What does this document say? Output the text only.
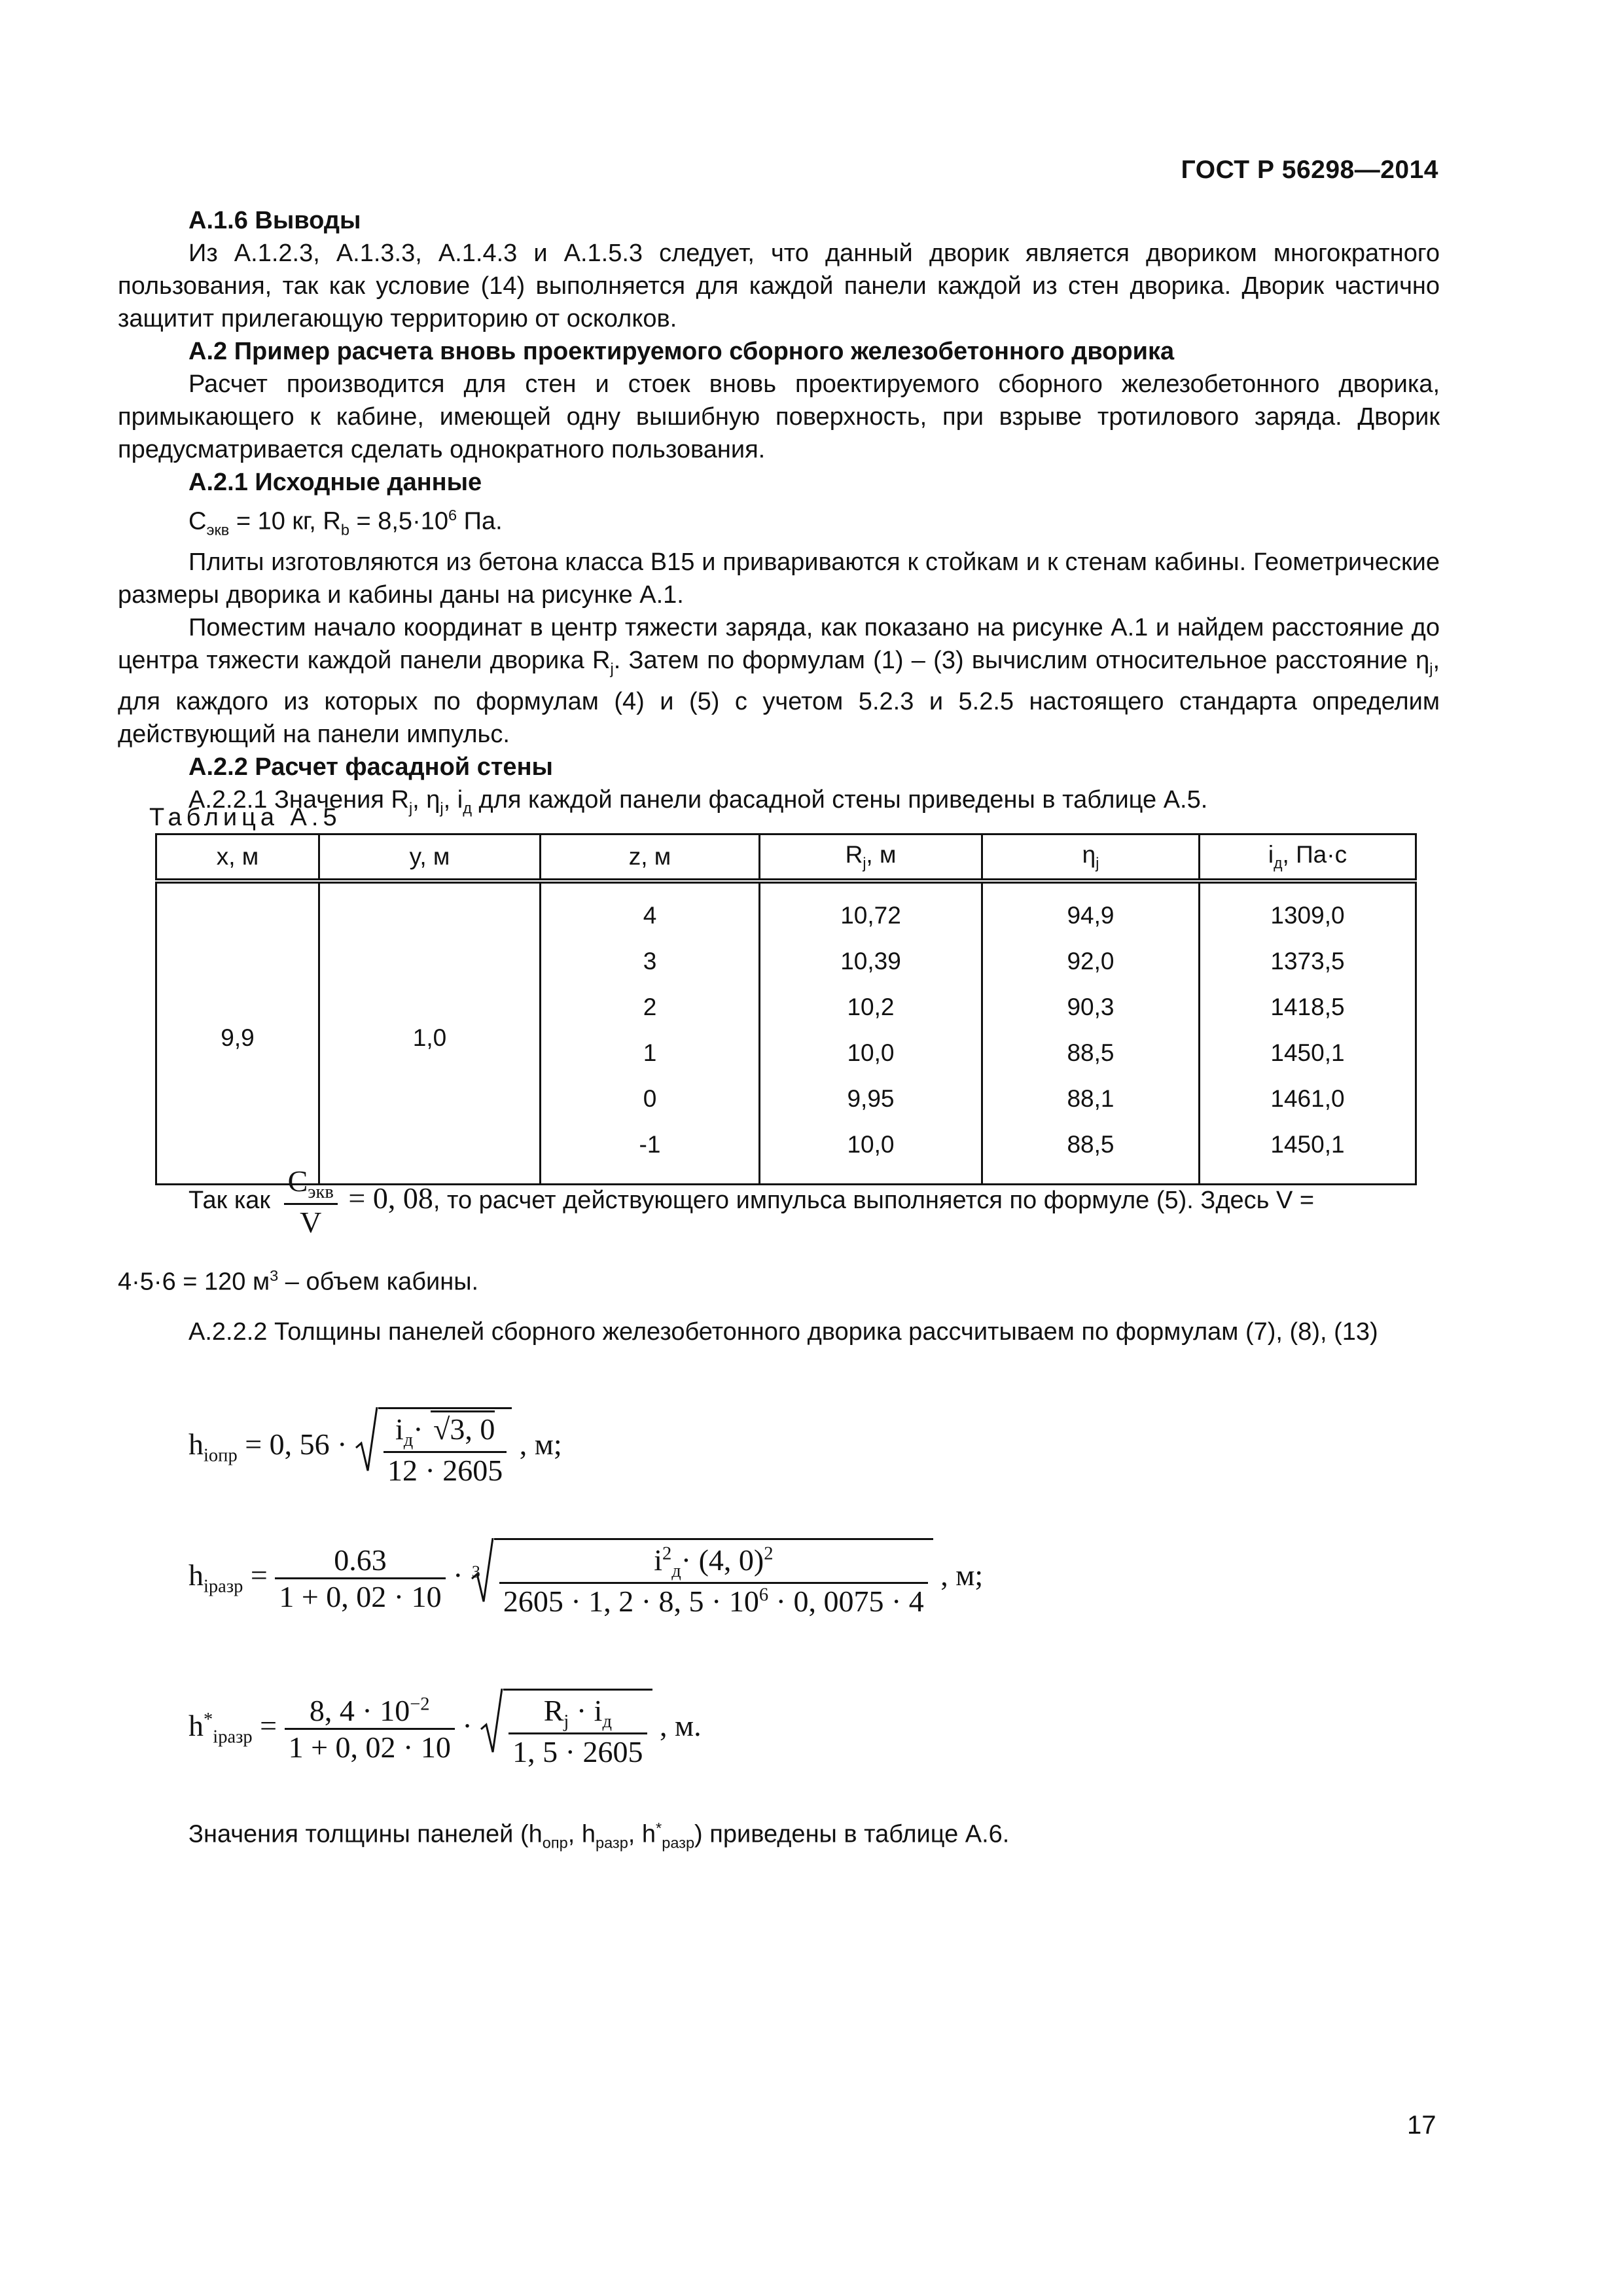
ГОСТ Р 56298—2014

А.1.6 Выводы

Из А.1.2.3, А.1.3.3, А.1.4.3 и А.1.5.3 следует, что данный дворик является двориком многократного пользования, так как условие (14) выполняется для каждой панели каждой из стен дворика. Дворик частично защитит прилегающую территорию от осколков.

А.2 Пример расчета вновь проектируемого сборного железобетонного дворика

Расчет производится для стен и стоек вновь проектируемого сборного железобетонного дворика, примыкающего к кабине, имеющей одну вышибную поверхность, при взрыве тротилового заряда. Дворик предусматривается сделать однократного пользования.

А.2.1 Исходные данные

$С_{экв} = 10$ кг, $R_b = 8,5\cdot 10^6$ Па.

Плиты изготовляются из бетона класса В15 и привариваются к стойкам и к стенам кабины. Геометрические размеры дворика и кабины даны на рисунке А.1.

Поместим начало координат в центр тяжести заряда, как показано на рисунке А.1 и найдем расстояние до центра тяжести каждой панели дворика $R_j$. Затем по формулам (1) – (3) вычислим относительное расстояние $\eta_j$, для каждого из которых по формулам (4) и (5) с учетом 5.2.3 и 5.2.5 настоящего стандарта определим действующий на панели импульс.

А.2.2 Расчет фасадной стены

А.2.2.1 Значения $R_j$, $\eta_j$, $i_д$ для каждой панели фасадной стены приведены в таблице А.5.

Таблица А.5
x, м	y, м	z, м	$R_j$, м	$\eta_j$	$i_д$, Па·с
9,9	1,0	4	10,72	94,9	1309,0
		3	10,39	92,0	1373,5
		2	10,2	90,3	1418,5
		1	10,0	88,5	1450,1
		0	9,95	88,1	1461,0
		-1	10,0	88,5	1450,1
Так как $\frac{С_{экв}}{V} = 0$, 08, то расчет действующего импульса выполняется по формуле (5). Здесь V =
4·5·6 = 120 $м^3$ – объем кабины.

А.2.2.2 Толщины панелей сборного железобетонного дворика рассчитываем по формулам (7), (8), (13)

$h_{iопр} = 0$, $56 \cdot \frac{i_д\cdot √3, 0}{12 \cdot 2605}$ , м;
$h_{iразр} = \frac{0.63}{1 + 0, 02 \cdot 10} \cdot 3 \frac{i^2_д\cdot (4, 0)^2}{2605 \cdot 1, 2 \cdot 8, 5 \cdot 10^6 \cdot 0, 0075 \cdot 4}$ , м;
$h^*_{iразр} = \frac{8, 4 \cdot 10^{-2}}{1 + 0, 02 \cdot 10} \cdot \frac{R_j \cdot i_д}{1, 5 \cdot 2605}$ , м.
Значения толщины панелей ($h_{опр}$, $h_{разр}$, $h^*_{разр}$) приведены в таблице А.6.
17
